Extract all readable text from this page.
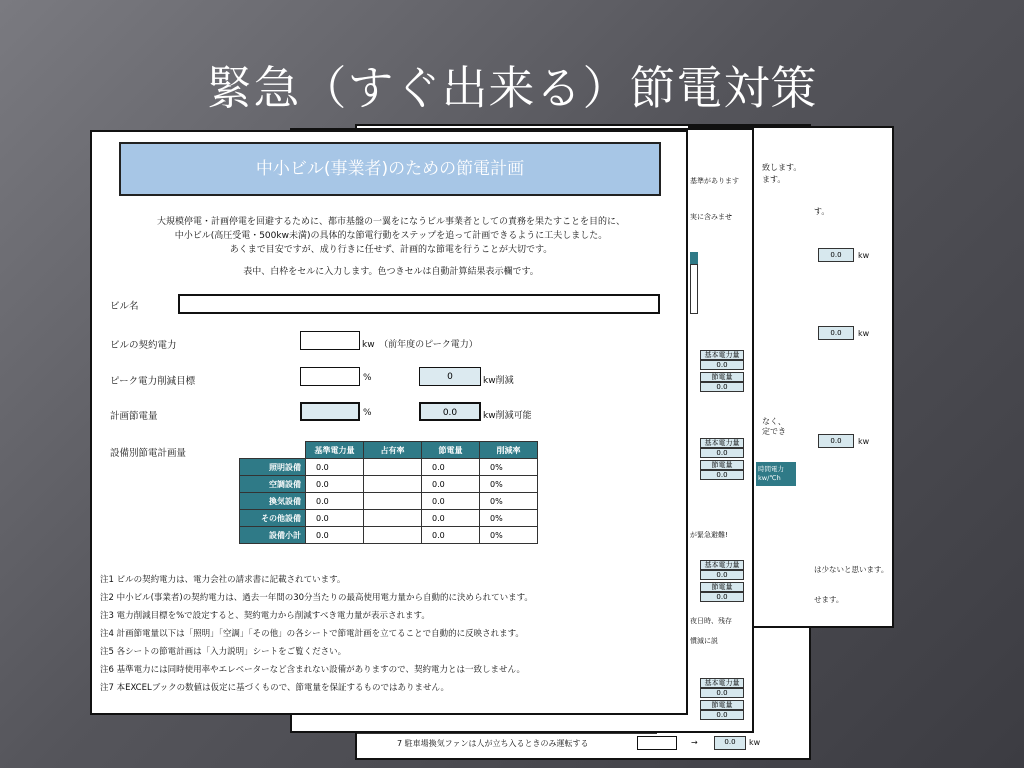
緊急（すぐ出来る）節電対策
7 駐車場換気ファンは人が立ち入るときのみ運転する	→	0.0	kw
致します。
ます。
す。
0.0	kw
0.0	kw
0.0	kw
なく、
定でき
は少ないと思います。
せます。
基準があります
実に含みませ
基本電力量
0.0
節電量
0.0
基本電力量
0.0
節電量
0.0
時間電力
kw/℃h
が緊急避難!
基本電力量
0.0
節電量
0.0
夜日時、残存
慣減に説
基本電力量
0.0
節電量
0.0
中小ビル(事業者)のための節電計画
大規模停電・計画停電を回避するために、都市基盤の一翼をになうビル事業者としての責務を果たすことを目的に、
中小ビル(高圧受電・500kw未満)の具体的な節電行動をステップを追って計画できるように工夫しました。
あくまで目安ですが、成り行きに任せず、計画的な節電を行うことが大切です。
表中、白枠をセルに入力します。色つきセルは自動計算結果表示欄です。
ビル名
ビルの契約電力	kw　（前年度のピーク電力）
ピーク電力削減目標	%	0	kw削減
計画節電量	%	0.0	kw削減可能
設備別節電計画量
		基準電力量	占有率	節電量	削減率
照明設備	0.0		0.0	0%
空調設備	0.0		0.0	0%
換気設備	0.0		0.0	0%
その他設備	0.0		0.0	0%
設備小計	0.0		0.0	0%
注1 ビルの契約電力は、電力会社の請求書に記載されています。
注2 中小ビル(事業者)の契約電力は、過去一年間の30分当たりの最高使用電力量から自動的に決められています。
注3 電力削減目標を%で設定すると、契約電力から削減すべき電力量が表示されます。
注4 計画節電量以下は「照明」「空調」「その他」の各シートで節電計画を立てることで自動的に反映されます。
注5 各シートの節電計画は「入力説明」シートをご覧ください。
注6 基準電力には同時使用率やエレベーターなど含まれない設備がありますので、契約電力とは一致しません。
注7 本EXCELブックの数値は仮定に基づくもので、節電量を保証するものではありません。
